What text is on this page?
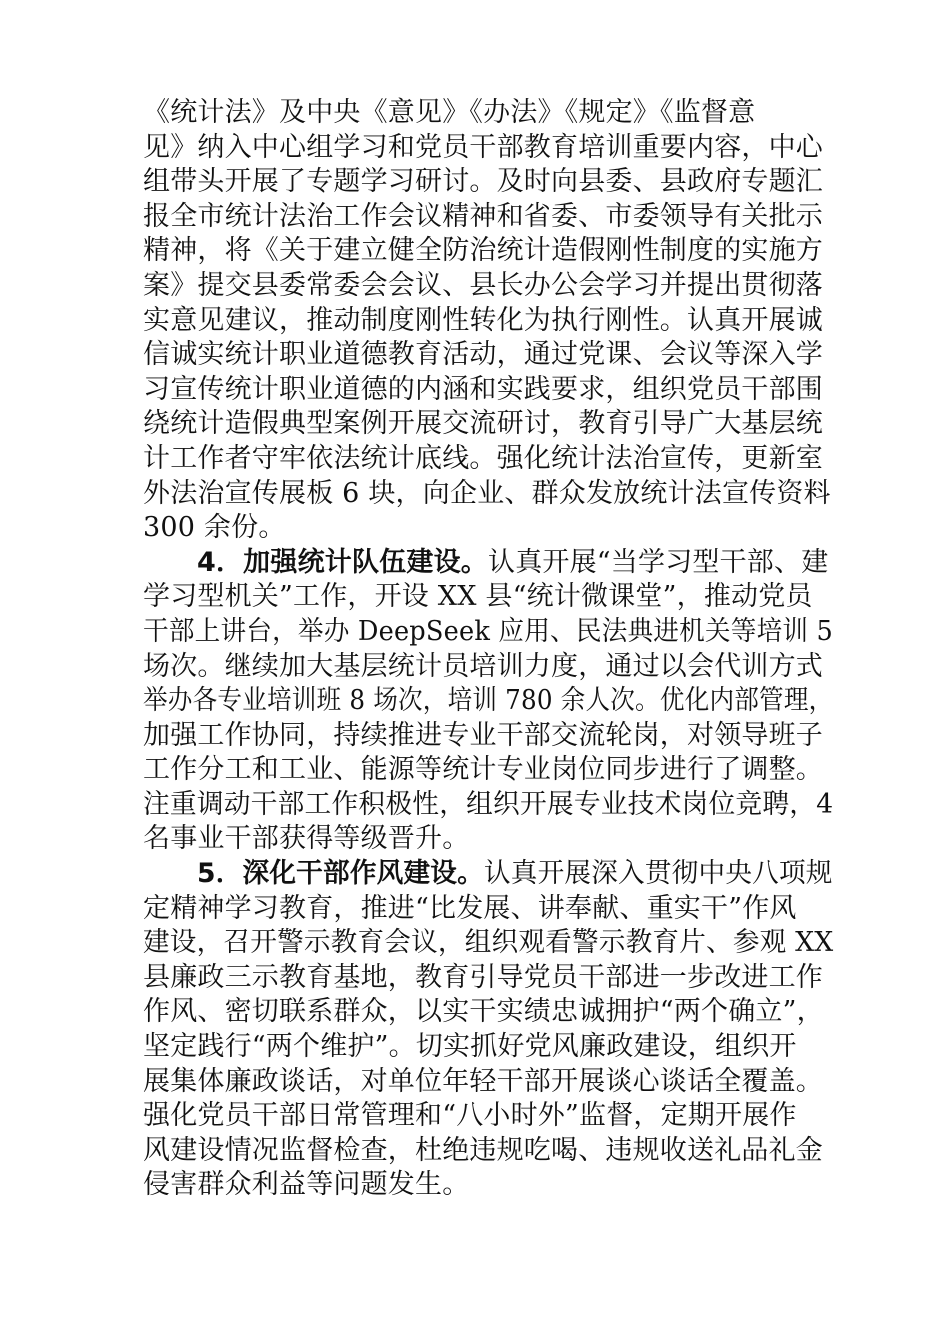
《统计法》及中央《意见》《办法》《规定》《监督意
见》纳入中心组学习和党员干部教育培训重要内容，中心
组带头开展了专题学习研讨。及时向县委、县政府专题汇
报全市统计法治工作会议精神和省委、市委领导有关批示
精神，将《关于建立健全防治统计造假刚性制度的实施方
案》提交县委常委会会议、县长办公会学习并提出贯彻落
实意见建议，推动制度刚性转化为执行刚性。认真开展诚
信诚实统计职业道德教育活动，通过党课、会议等深入学
习宣传统计职业道德的内涵和实践要求，组织党员干部围
绕统计造假典型案例开展交流研讨，教育引导广大基层统
计工作者守牢依法统计底线。强化统计法治宣传，更新室
外法治宣传展板 6 块，向企业、群众发放统计法宣传资料
300 余份。
4．加强统计队伍建设。认真开展“当学习型干部、建
学习型机关”工作，开设 XX 县“统计微课堂”，推动党员
干部上讲台，举办 DeepSeek 应用、民法典进机关等培训 5
场次。继续加大基层统计员培训力度，通过以会代训方式
举办各专业培训班 8 场次，培训 780 余人次。优化内部管理，
加强工作协同，持续推进专业干部交流轮岗，对领导班子
工作分工和工业、能源等统计专业岗位同步进行了调整。
注重调动干部工作积极性，组织开展专业技术岗位竞聘，4
名事业干部获得等级晋升。
5．深化干部作风建设。认真开展深入贯彻中央八项规
定精神学习教育，推进“比发展、讲奉献、重实干”作风
建设，召开警示教育会议，组织观看警示教育片、参观 XX
县廉政三示教育基地，教育引导党员干部进一步改进工作
作风、密切联系群众，以实干实绩忠诚拥护“两个确立”，
坚定践行“两个维护”。切实抓好党风廉政建设，组织开
展集体廉政谈话，对单位年轻干部开展谈心谈话全覆盖。
强化党员干部日常管理和“八小时外”监督，定期开展作
风建设情况监督检查，杜绝违规吃喝、违规收送礼品礼金
侵害群众利益等问题发生。
